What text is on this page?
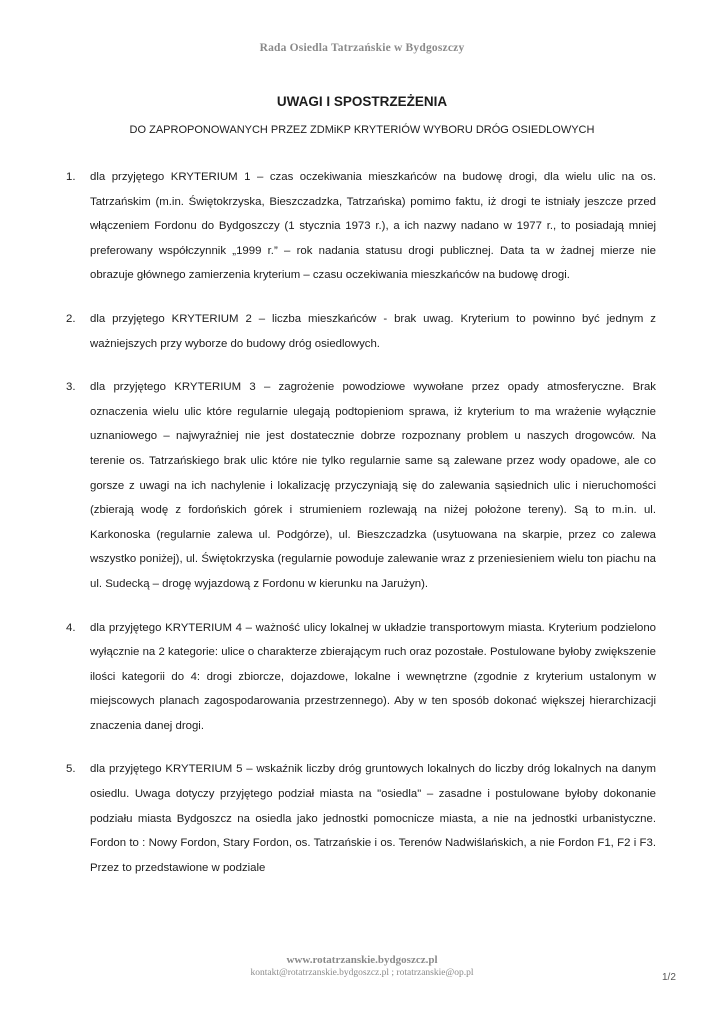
Rada Osiedla Tatrzańskie w Bydgoszczy
UWAGI I SPOSTRZEŻENIA
DO ZAPROPONOWANYCH PRZEZ ZDMiKP KRYTERIÓW WYBORU DRÓG OSIEDLOWYCH
1. dla przyjętego KRYTERIUM 1 – czas oczekiwania mieszkańców na budowę drogi, dla wielu ulic na os. Tatrzańskim (m.in. Świętokrzyska, Bieszczadzka, Tatrzańska) pomimo faktu, iż drogi te istniały jeszcze przed włączeniem Fordonu do Bydgoszczy (1 stycznia 1973 r.), a ich nazwy nadano w 1977 r., to posiadają mniej preferowany współczynnik „1999 r.” – rok nadania statusu drogi publicznej. Data ta w żadnej mierze nie obrazuje głównego zamierzenia kryterium – czasu oczekiwania mieszkańców na budowę drogi.
2. dla przyjętego KRYTERIUM 2 – liczba mieszkańców - brak uwag. Kryterium to powinno być jednym z ważniejszych przy wyborze do budowy dróg osiedlowych.
3. dla przyjętego KRYTERIUM 3 – zagrożenie powodziowe wywołane przez opady atmosferyczne. Brak oznaczenia wielu ulic które regularnie ulegają podtopieniom sprawa, iż kryterium to ma wrażenie wyłącznie uznaniowego – najwyraźniej nie jest dostatecznie dobrze rozpoznany problem u naszych drogowców. Na terenie os. Tatrzańskiego brak ulic które nie tylko regularnie same są zalewane przez wody opadowe, ale co gorsze z uwagi na ich nachylenie i lokalizację przyczyniają się do zalewania sąsiednich ulic i nieruchomości (zbierają wodę z fordońskich górek i strumieniem rozlewają na niżej położone tereny). Są to m.in. ul. Karkonoska (regularnie zalewa ul. Podgórze), ul. Bieszczadzka (usytuowana na skarpie, przez co zalewa wszystko poniżej), ul. Świętokrzyska (regularnie powoduje zalewanie wraz z przeniesieniem wielu ton piachu na ul. Sudecką – drogę wyjazdową z Fordonu w kierunku na Jarużyn).
4. dla przyjętego KRYTERIUM 4 – ważność ulicy lokalnej w układzie transportowym miasta. Kryterium podzielono wyłącznie na 2 kategorie: ulice o charakterze zbierającym ruch oraz pozostałe. Postulowane byłoby zwiększenie ilości kategorii do 4: drogi zbiorcze, dojazdowe, lokalne i wewnętrzne (zgodnie z kryterium ustalonym w miejscowych planach zagospodarowania przestrzennego). Aby w ten sposób dokonać większej hierarchizacji znaczenia danej drogi.
5. dla przyjętego KRYTERIUM 5 – wskaźnik liczby dróg gruntowych lokalnych do liczby dróg lokalnych na danym osiedlu. Uwaga dotyczy przyjętego podział miasta na "osiedla" – zasadne i postulowane byłoby dokonanie podziału miasta Bydgoszcz na osiedla jako jednostki pomocnicze miasta, a nie na jednostki urbanistyczne. Fordon to : Nowy Fordon, Stary Fordon, os. Tatrzańskie i os. Terenów Nadwiślańskich, a nie Fordon F1, F2 i F3. Przez to przedstawione w podziale
www.rotatrzanskie.bydgoszcz.pl
kontakt@rotatrzanskie.bydgoszcz.pl ; rotatrzanskie@op.pl	1/2
